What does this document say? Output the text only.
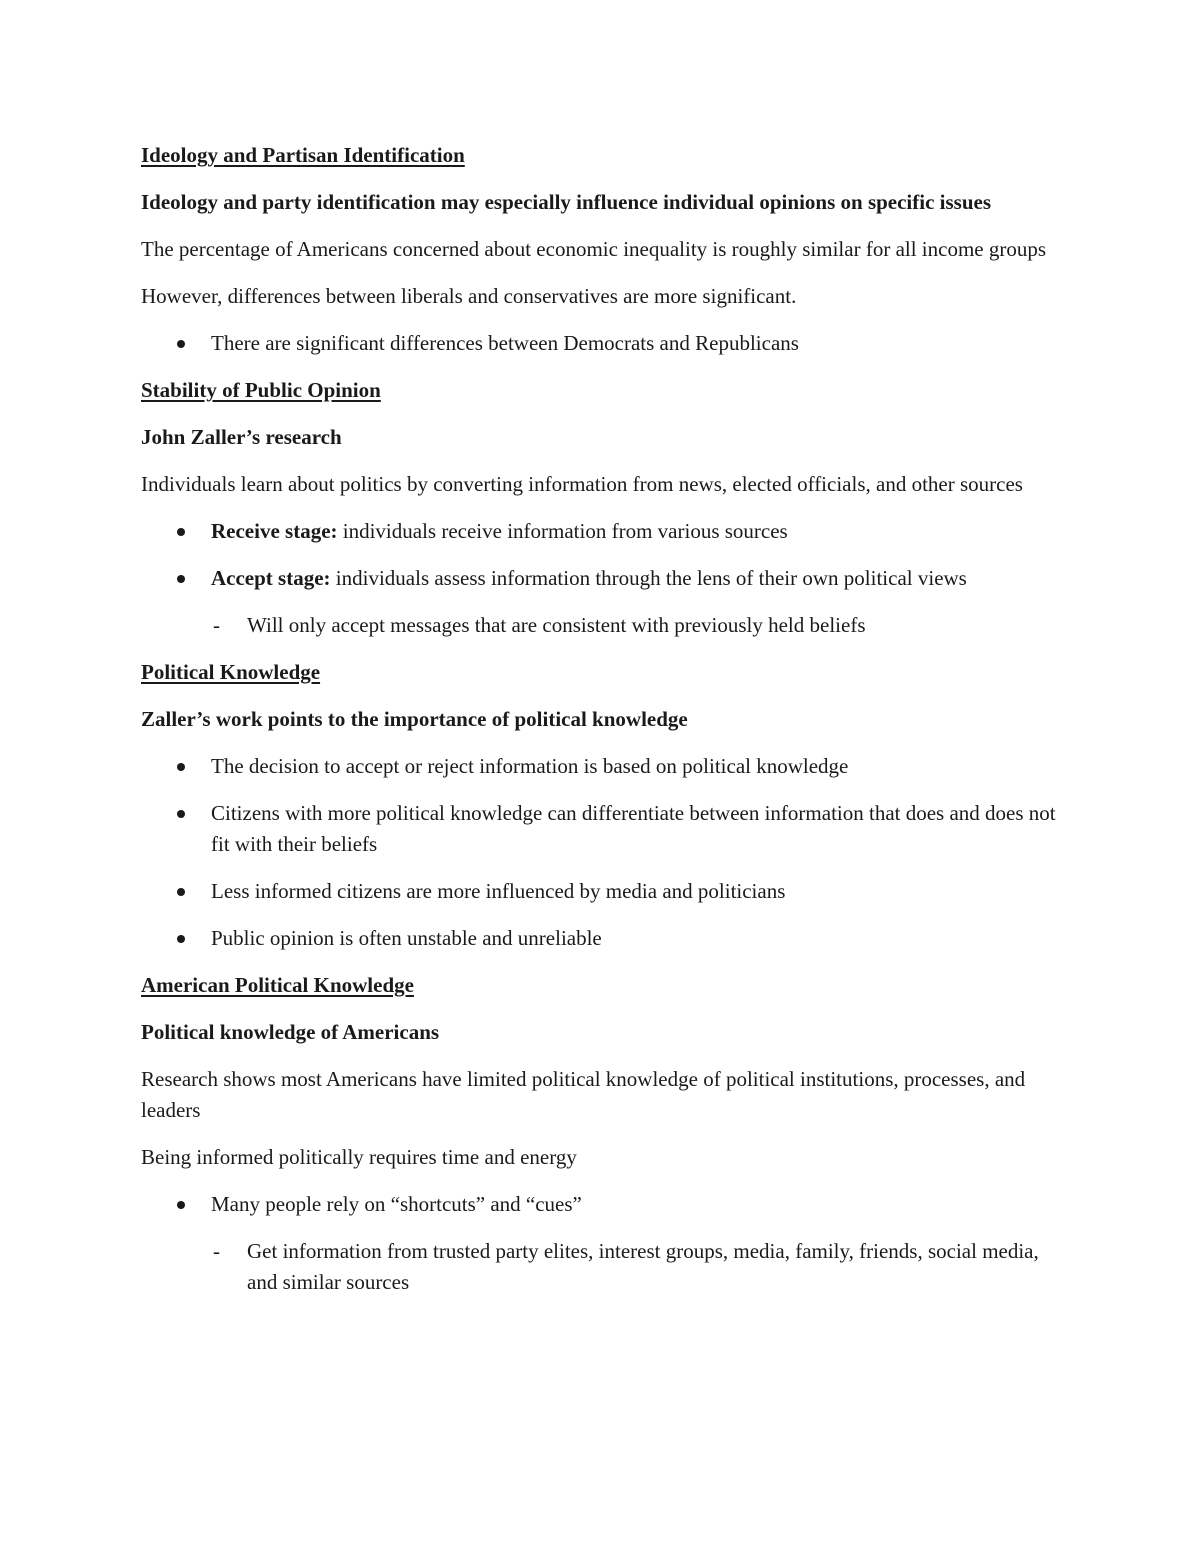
Ideology and Partisan Identification
Ideology and party identification may especially influence individual opinions on specific issues
The percentage of Americans concerned about economic inequality is roughly similar for all income groups
However, differences between liberals and conservatives are more significant.
There are significant differences between Democrats and Republicans
Stability of Public Opinion
John Zaller’s research
Individuals learn about politics by converting information from news, elected officials, and other sources
Receive stage: individuals receive information from various sources
Accept stage: individuals assess information through the lens of their own political views
- Will only accept messages that are consistent with previously held beliefs
Political Knowledge
Zaller’s work points to the importance of political knowledge
The decision to accept or reject information is based on political knowledge
Citizens with more political knowledge can differentiate between information that does and does not fit with their beliefs
Less informed citizens are more influenced by media and politicians
Public opinion is often unstable and unreliable
American Political Knowledge
Political knowledge of Americans
Research shows most Americans have limited political knowledge of political institutions, processes, and leaders
Being informed politically requires time and energy
Many people rely on “shortcuts” and “cues”
- Get information from trusted party elites, interest groups, media, family, friends, social media, and similar sources
